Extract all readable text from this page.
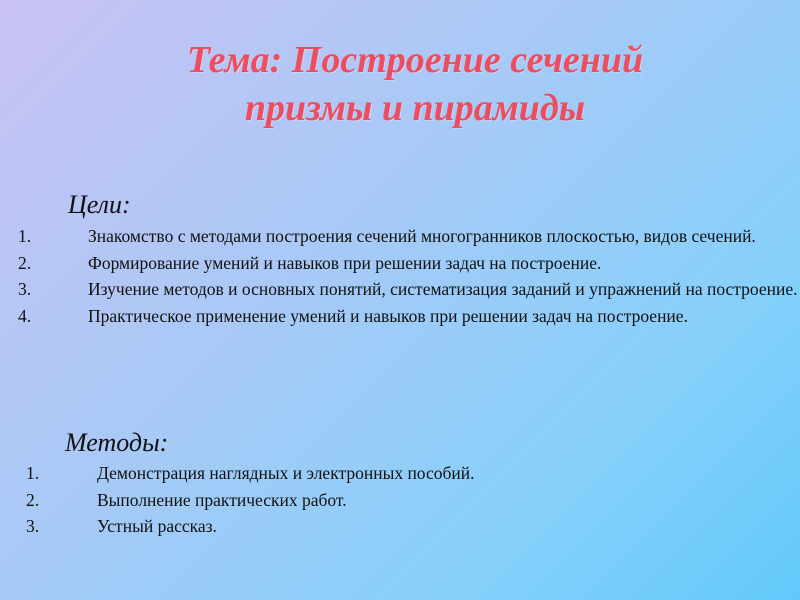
Тема: Построение сечений
призмы и пирамиды
Цели:
1.	Знакомство с методами построения сечений многогранников плоскостью, видов сечений.
2.	Формирование умений и навыков при решении задач на построение.
3.	Изучение методов и основных понятий, систематизация заданий и упражнений на построение.
4.	Практическое применение умений и навыков при решении задач на построение.
Методы:
1.	Демонстрация наглядных и электронных пособий.
2.	Выполнение практических работ.
3.	Устный рассказ.
